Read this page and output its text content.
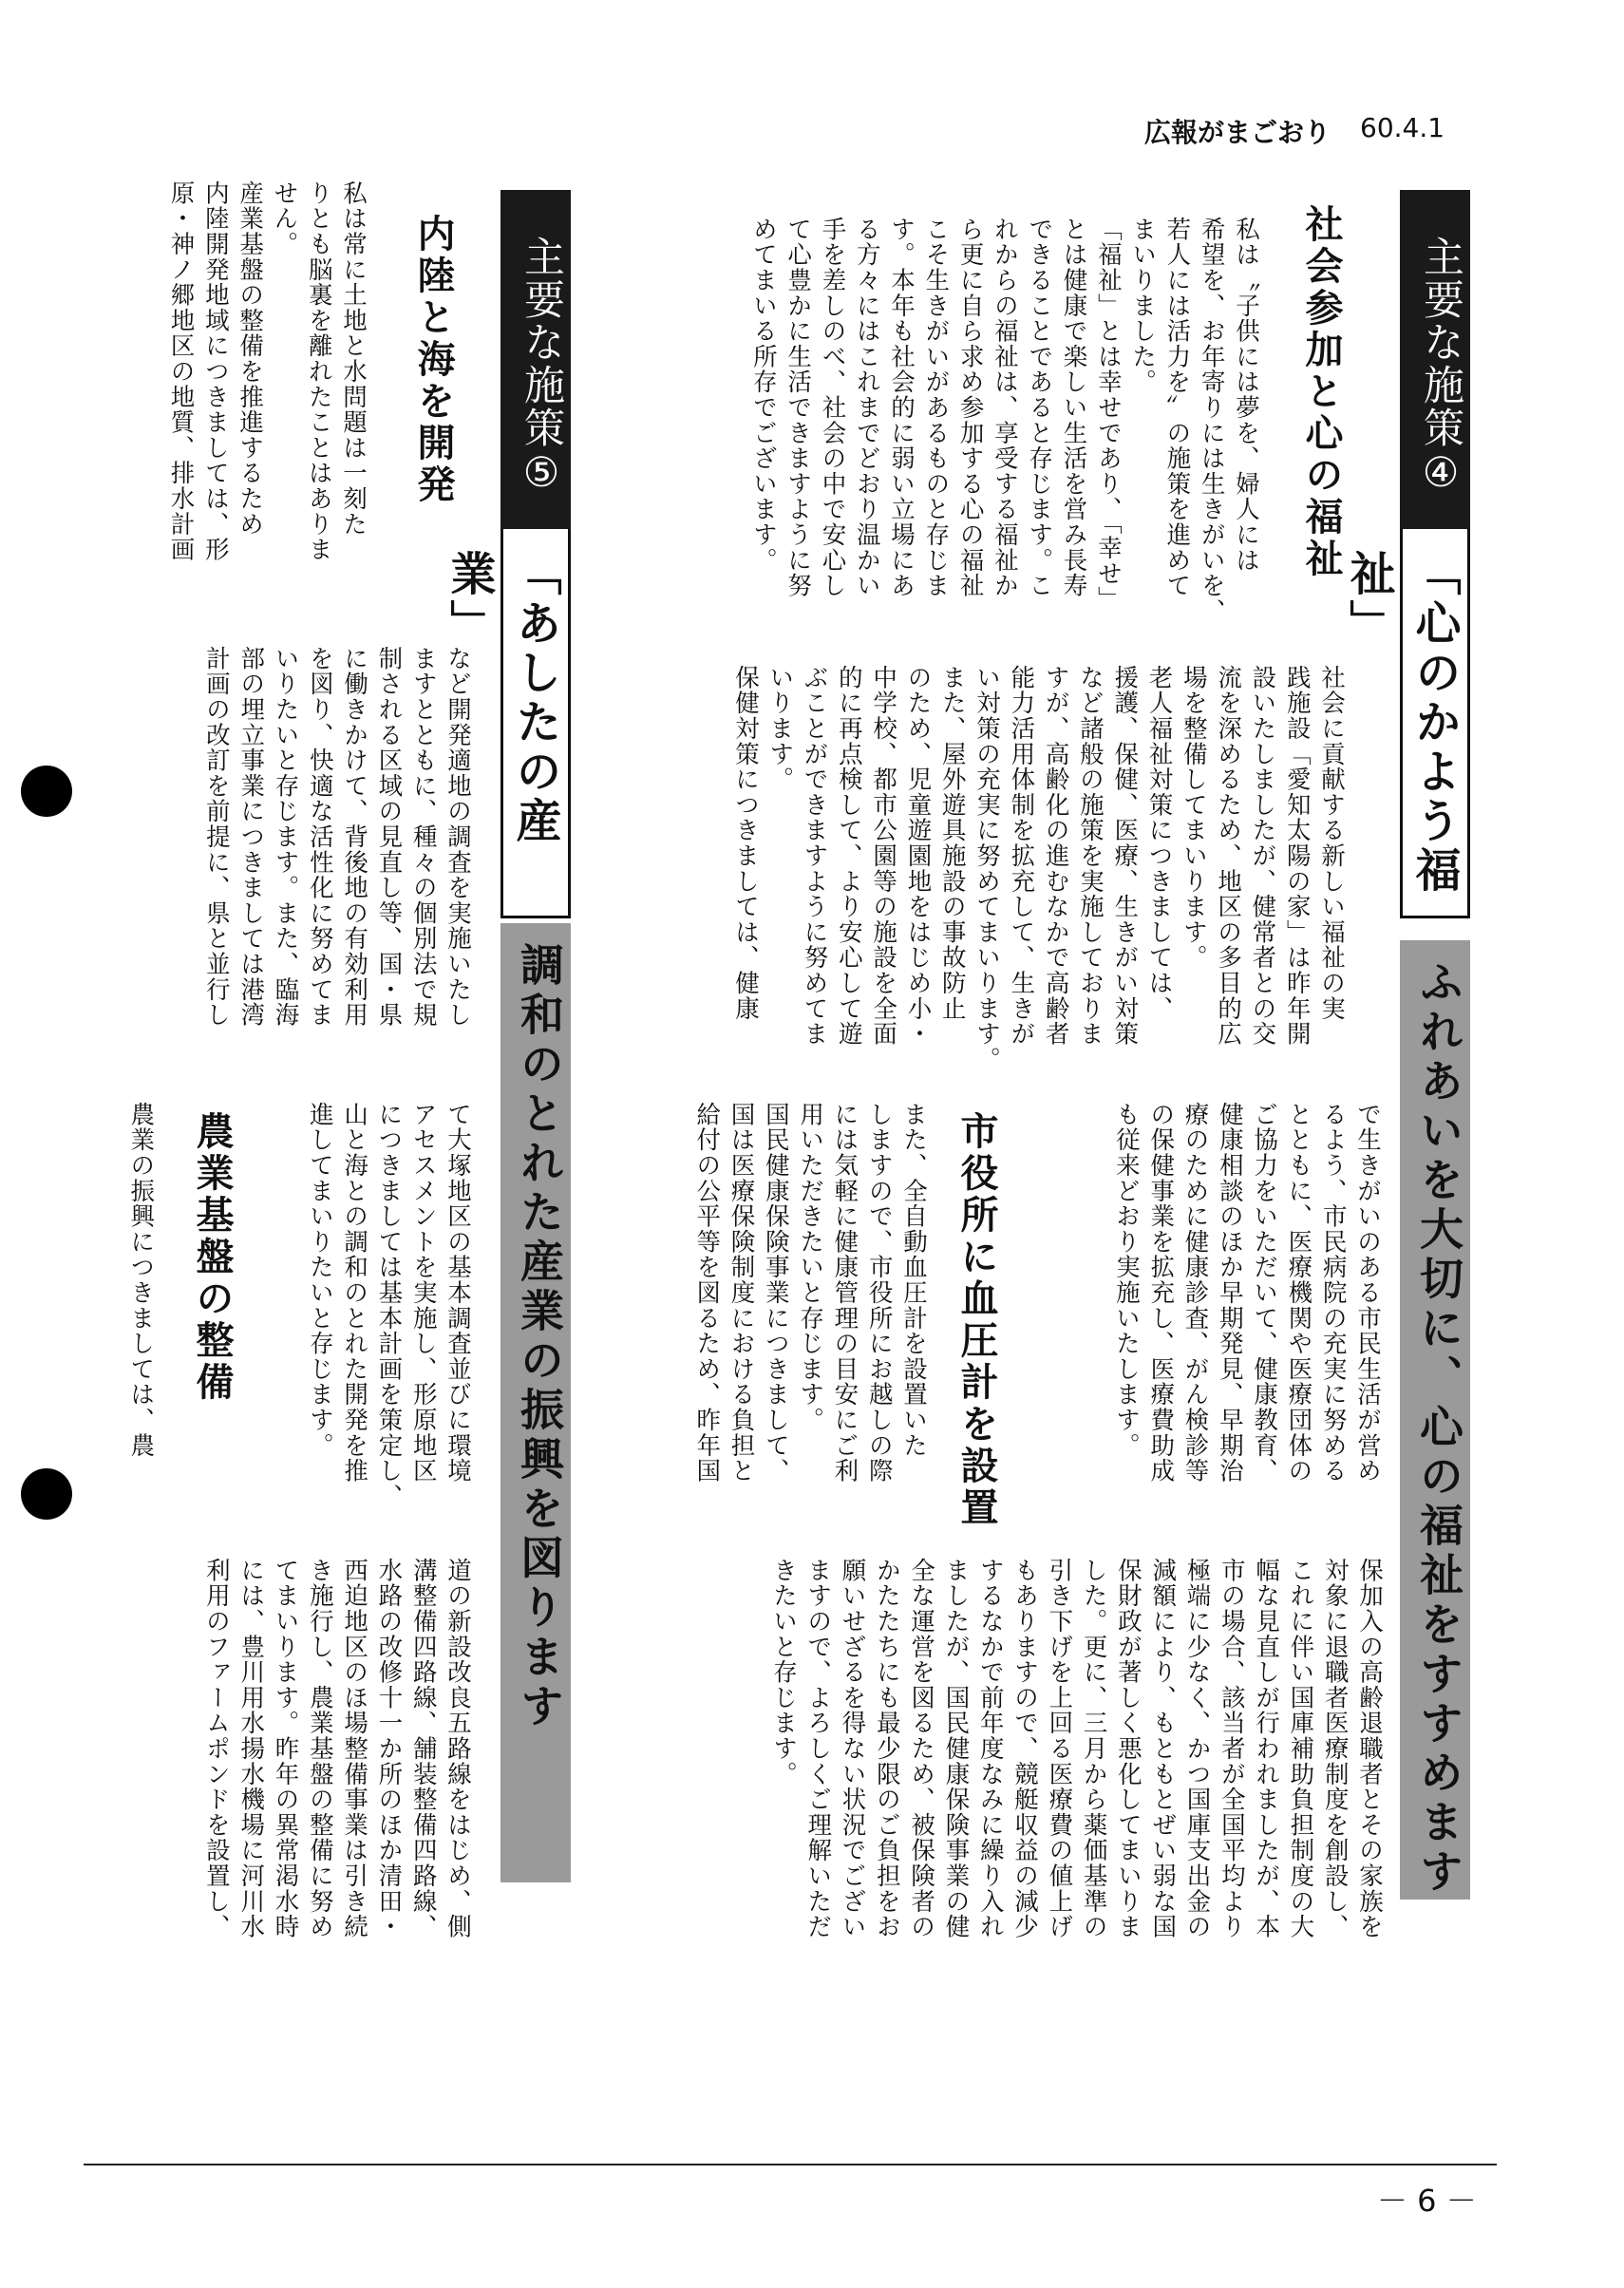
広報がまごおり 60.4.1
主要な施策④
「心のかよう福祉」
ふれあいを大切に、心の福祉をすすめます
社会参加と心の福祉
私は〝子供には夢を、婦人には
希望を、お年寄りには生きがいを、
若人には活力を〟の施策を進めて
まいりました。
「福祉」とは幸せであり、「幸せ」
とは健康で楽しい生活を営み長寿
できることであると存じます。こ
れからの福祉は、享受する福祉か
ら更に自ら求め参加する心の福祉
こそ生きがいがあるものと存じま
す。本年も社会的に弱い立場にあ
る方々にはこれまでどおり温かい
手を差しのべ、社会の中で安心し
て心豊かに生活できますように努
めてまいる所存でございます。
社会に貢献する新しい福祉の実
践施設「愛知太陽の家」は昨年開
設いたしましたが、健常者との交
流を深めるため、地区の多目的広
場を整備してまいります。
老人福祉対策につきましては、
援護、保健、医療、生きがい対策
など諸般の施策を実施しておりま
すが、高齢化の進むなかで高齢者
能力活用体制を拡充して、生きが
い対策の充実に努めてまいります。
また、屋外遊具施設の事故防止
のため、児童遊園地をはじめ小・
中学校、都市公園等の施設を全面
的に再点検して、より安心して遊
ぶことができますように努めてま
いります。
保健対策につきましては、健康
で生きがいのある市民生活が営め
るよう、市民病院の充実に努める
とともに、医療機関や医療団体の
ご協力をいただいて、健康教育、
健康相談のほか早期発見、早期治
療のために健康診査、がん検診等
の保健事業を拡充し、医療費助成
も従来どおり実施いたします。
市役所に血圧計を設置
また、全自動血圧計を設置いた
しますので、市役所にお越しの際
には気軽に健康管理の目安にご利
用いただきたいと存じます。
国民健康保険事業につきまして、
国は医療保険制度における負担と
給付の公平等を図るため、昨年国
保加入の高齢退職者とその家族を
対象に退職者医療制度を創設し、
これに伴い国庫補助負担制度の大
幅な見直しが行われましたが、本
市の場合、該当者が全国平均より
極端に少なく、かつ国庫支出金の
減額により、もともとぜい弱な国
保財政が著しく悪化してまいりま
した。更に、三月から薬価基準の
引き下げを上回る医療費の値上げ
もありますので、競艇収益の減少
するなかで前年度なみに繰り入れ
ましたが、国民健康保険事業の健
全な運営を図るため、被保険者の
かたたちにも最少限のご負担をお
願いせざるを得ない状況でござい
ますので、よろしくご理解いただ
きたいと存じます。
主要な施策⑤
「あしたの産業」
調和のとれた産業の振興を図ります
内陸と海を開発
私は常に土地と水問題は一刻た
りとも脳裏を離れたことはありま
せん。
産業基盤の整備を推進するため
内陸開発地域につきましては、形
原・神ノ郷地区の地質、排水計画
など開発適地の調査を実施いたし
ますとともに、種々の個別法で規
制される区域の見直し等、国・県
に働きかけて、背後地の有効利用
を図り、快適な活性化に努めてま
いりたいと存じます。また、臨海
部の埋立事業につきましては港湾
計画の改訂を前提に、県と並行し
て大塚地区の基本調査並びに環境
アセスメントを実施し、形原地区
につきましては基本計画を策定し、
山と海との調和のとれた開発を推
進してまいりたいと存じます。
農業基盤の整備
農業の振興につきましては、農
道の新設改良五路線をはじめ、側
溝整備四路線、舗装整備四路線、
水路の改修十一か所のほか清田・
西迫地区のほ場整備事業は引き続
き施行し、農業基盤の整備に努め
てまいります。昨年の異常渇水時
には、豊川用水揚水機場に河川水
利用のファームポンドを設置し、
－ 6 －
